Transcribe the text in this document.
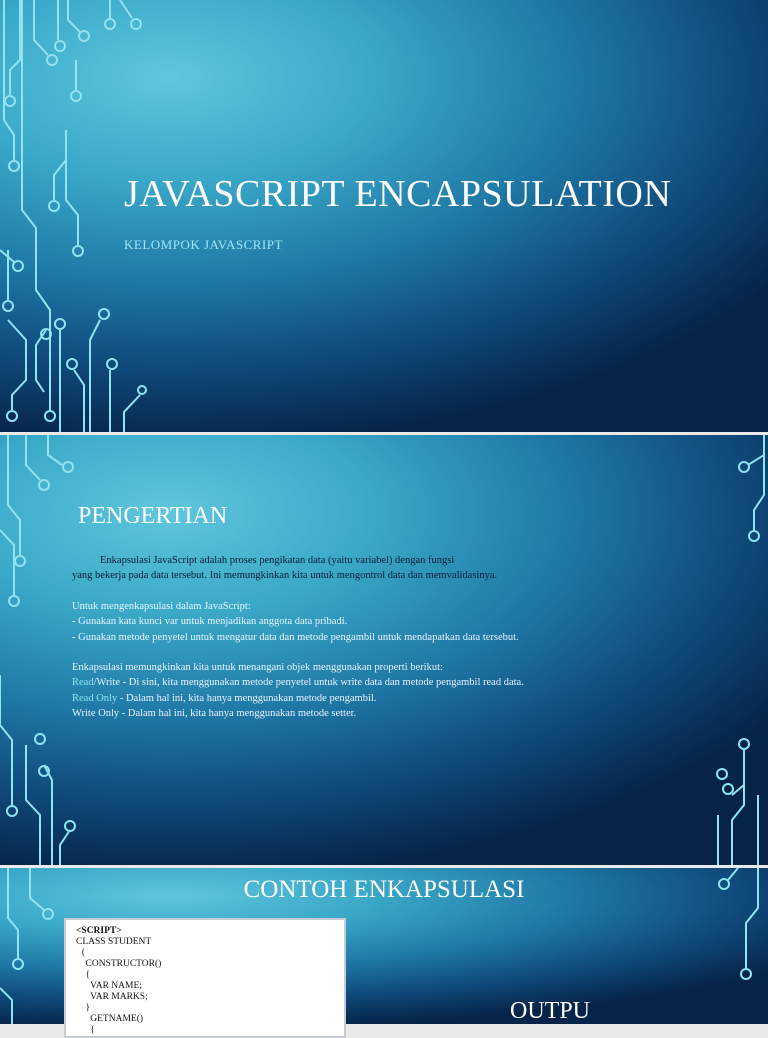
JAVASCRIPT ENCAPSULATION
KELOMPOK JAVASCRIPT
PENGERTIAN
Enkapsulasi JavaScript adalah proses pengikatan data (yaitu variabel) dengan fungsi
yang bekerja pada data tersebut. Ini memungkinkan kita untuk mengontrol data dan memvalidasinya.
Untuk mengenkapsulasi dalam JavaScript:
- Gunakan kata kunci var untuk menjadikan anggota data pribadi.
- Gunakan metode penyetel untuk mengatur data dan metode pengambil untuk mendapatkan data tersebut.
Enkapsulasi memungkinkan kita untuk menangani objek menggunakan properti berikut:
Read/Write - Di sini, kita menggunakan metode penyetel untuk write data dan metode pengambil read data.
Read Only - Dalam hal ini, kita hanya menggunakan metode pengambil.
Write Only - Dalam hal ini, kita hanya menggunakan metode setter.
CONTOH ENKAPSULASI
<SCRIPT>
CLASS STUDENT
{
CONSTRUCTOR()
{
VAR NAME;
VAR MARKS;
}
GETNAME()
{
OUTPU
